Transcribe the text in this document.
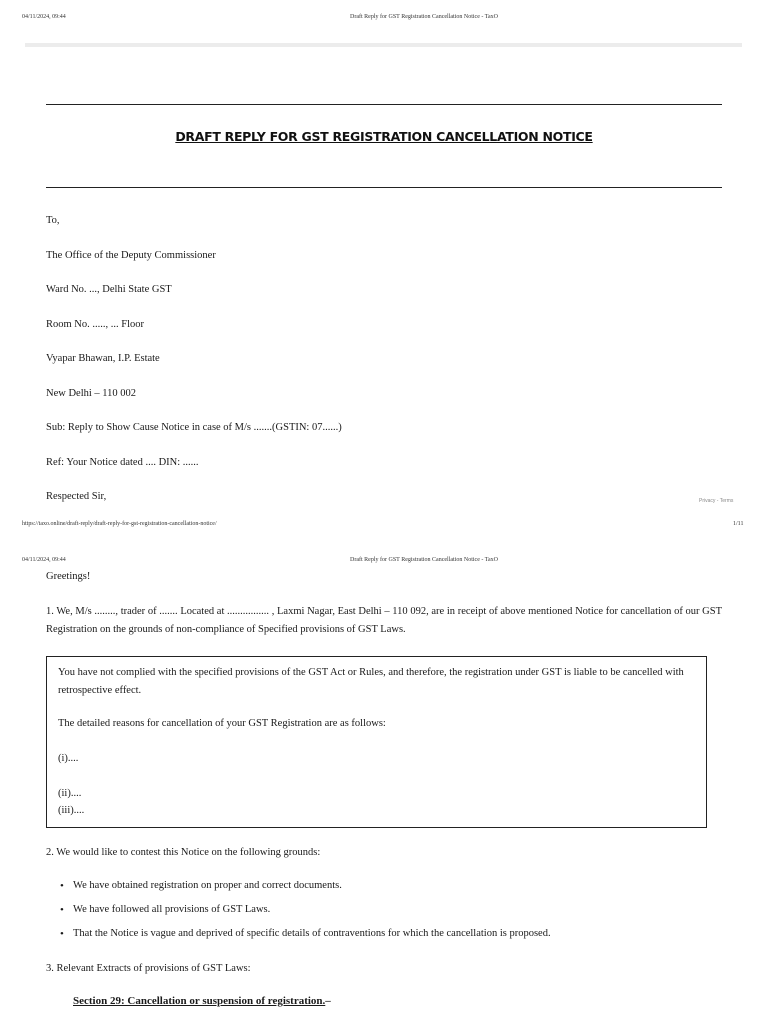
04/11/2024, 09:44	Draft Reply for GST Registration Cancellation Notice - TaxO
DRAFT REPLY FOR GST REGISTRATION CANCELLATION NOTICE
To,
The Office of the Deputy Commissioner
Ward No. ..., Delhi State GST
Room No. ....., ... Floor
Vyapar Bhawan, I.P. Estate
New Delhi – 110 002
Sub: Reply to Show Cause Notice in case of M/s .......(GSTIN: 07......)
Ref: Your Notice dated .... DIN: ......
Respected Sir,	Privacy - Terms
https://taxo.online/draft-reply/draft-reply-for-gst-registration-cancellation-notice/	1/11
04/11/2024, 09:44	Draft Reply for GST Registration Cancellation Notice - TaxO
Greetings!
1. We, M/s ........, trader of ....... Located at ................ , Laxmi Nagar, East Delhi – 110 092, are in receipt of above mentioned Notice for cancellation of our GST Registration on the grounds of non-compliance of Specified provisions of GST Laws.
You have not complied with the specified provisions of the GST Act or Rules, and therefore, the registration under GST is liable to be cancelled with retrospective effect.
The detailed reasons for cancellation of your GST Registration are as follows:
(i)....
(ii)....
(iii)....
2. We would like to contest this Notice on the following grounds:
• We have obtained registration on proper and correct documents.
• We have followed all provisions of GST Laws.
• That the Notice is vague and deprived of specific details of contraventions for which the cancellation is proposed.
3. Relevant Extracts of provisions of GST Laws:
Section 29: Cancellation or suspension of registration.–
